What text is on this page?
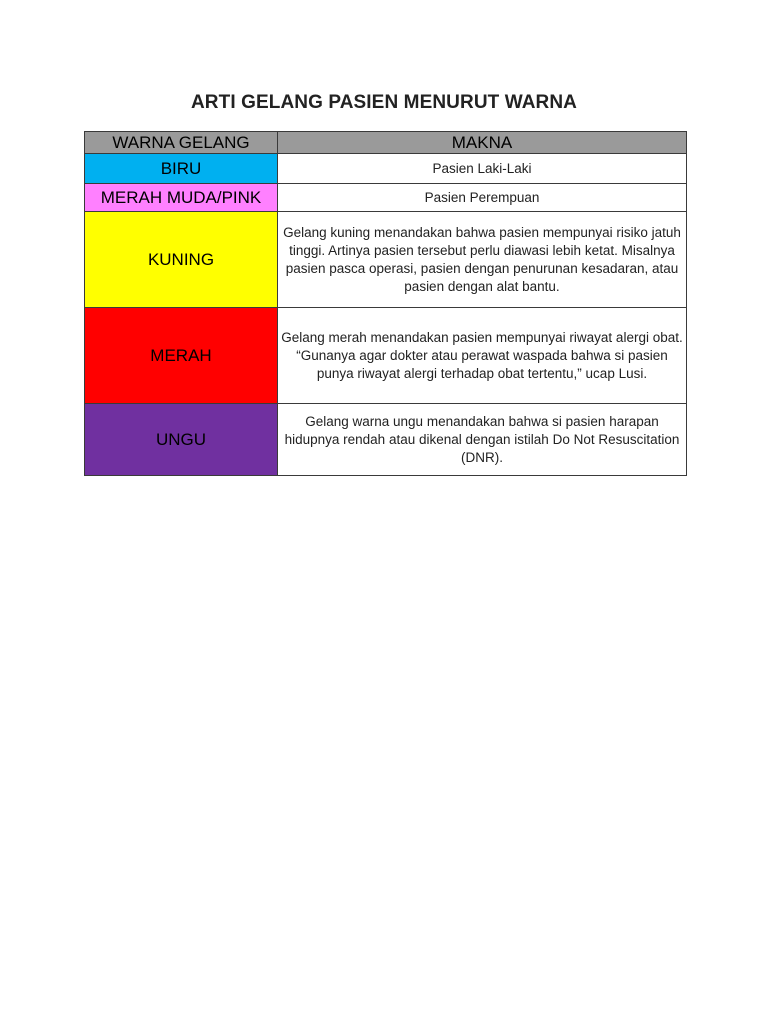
ARTI GELANG PASIEN MENURUT WARNA
WARNA GELANG	MAKNA
BIRU	Pasien Laki-Laki
MERAH MUDA/PINK	Pasien Perempuan
KUNING	Gelang kuning menandakan bahwa pasien mempunyai risiko jatuh tinggi. Artinya pasien tersebut perlu diawasi lebih ketat. Misalnya pasien pasca operasi, pasien dengan penurunan kesadaran, atau pasien dengan alat bantu.
MERAH	Gelang merah menandakan pasien mempunyai riwayat alergi obat. “Gunanya agar dokter atau perawat waspada bahwa si pasien punya riwayat alergi terhadap obat tertentu,” ucap Lusi.
UNGU	Gelang warna ungu menandakan bahwa si pasien harapan hidupnya rendah atau dikenal dengan istilah Do Not Resuscitation (DNR).
